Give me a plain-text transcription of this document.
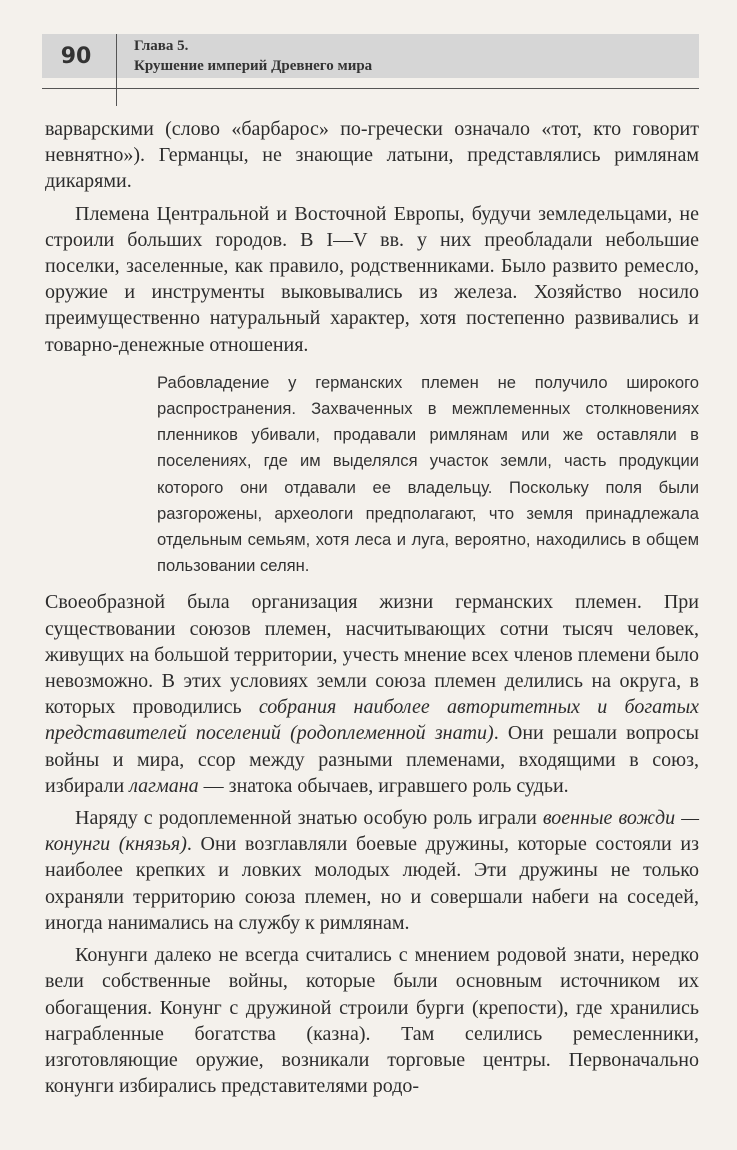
90	Глава 5.
Крушение империй Древнего мира

варварскими (слово «барбарос» по-гречески означало «тот, кто говорит невнятно»). Германцы, не знающие латыни, представлялись римлянам дикарями.

Племена Центральной и Восточной Европы, будучи земледельцами, не строили больших городов. В I—V вв. у них преобладали небольшие поселки, заселенные, как правило, родственниками. Было развито ремесло, оружие и инструменты выковывались из железа. Хозяйство носило преимущественно натуральный характер, хотя постепенно развивались и товарно-денежные отношения.

Рабовладение у германских племен не получило широкого распространения. Захваченных в межплеменных столкновениях пленников убивали, продавали римлянам или же оставляли в поселениях, где им выделялся участок земли, часть продукции которого они отдавали ее владельцу. Поскольку поля были разгорожены, археологи предполагают, что земля принадлежала отдельным семьям, хотя леса и луга, вероятно, находились в общем пользовании селян.

Своеобразной была организация жизни германских племен. При существовании союзов племен, насчитывающих сотни тысяч человек, живущих на большой территории, учесть мнение всех членов племени было невозможно. В этих условиях земли союза племен делились на округа, в которых проводились собрания наиболее авторитетных и богатых представителей поселений (родоплеменной знати). Они решали вопросы войны и мира, ссор между разными племенами, входящими в союз, избирали лагмана — знатока обычаев, игравшего роль судьи.

Наряду с родоплеменной знатью особую роль играли военные вожди — конунги (князья). Они возглавляли боевые дружины, которые состояли из наиболее крепких и ловких молодых людей. Эти дружины не только охраняли территорию союза племен, но и совершали набеги на соседей, иногда нанимались на службу к римлянам.

Конунги далеко не всегда считались с мнением родовой знати, нередко вели собственные войны, которые были основным источником их обогащения. Конунг с дружиной строили бурги (крепости), где хранились награбленные богатства (казна). Там селились ремесленники, изготовляющие оружие, возникали торговые центры. Первоначально конунги избирались представителями родо-
